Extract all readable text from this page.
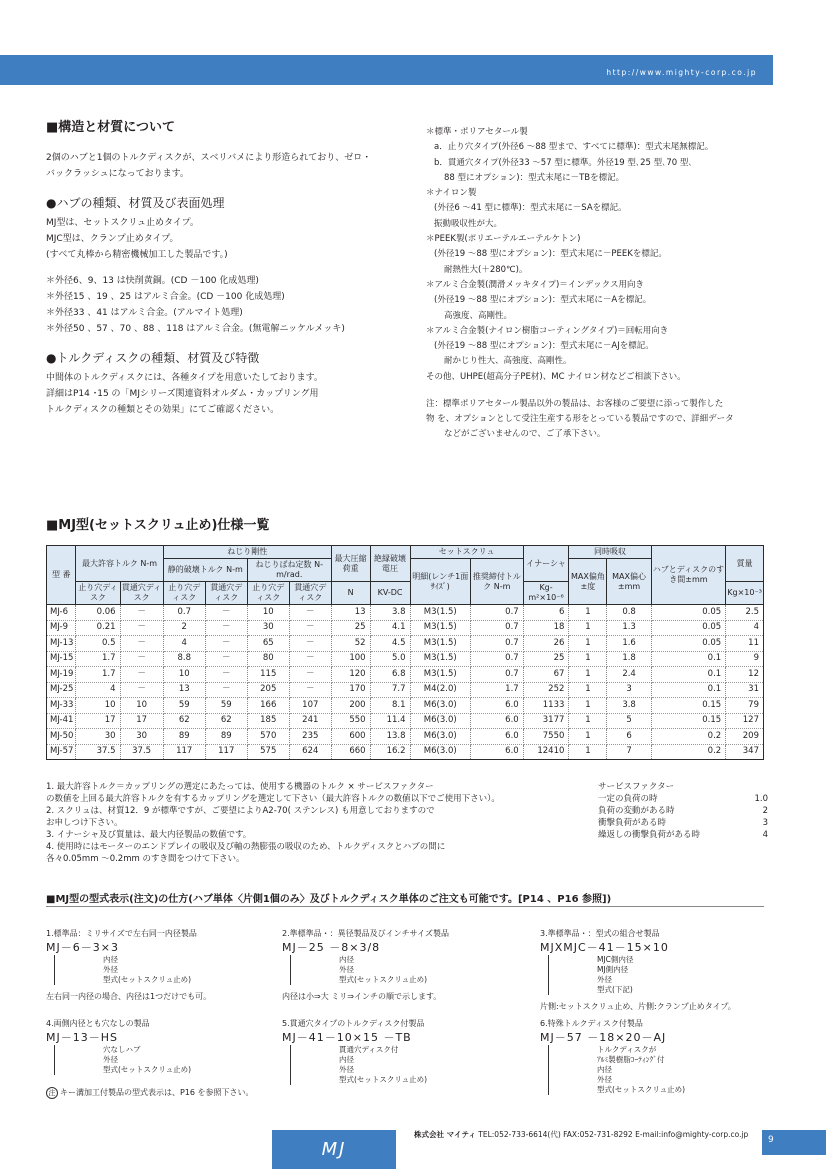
http://www.mighty-corp.co.jp
■構造と材質について
2個のハブと1個のトルクディスクが、スベリバメにより形造られており、ゼロ・
バックラッシュになっております。
●ハブの種類、材質及び表面処理
MJ型は、セットスクリュ止めタイプ。
MJC型は、クランプ止めタイプ。
(すべて丸棒から精密機械加工した製品です。)
＊外径6、9、13 は快削黄銅。(CD －100 化成処理)
＊外径15 、19 、25 はアルミ合金。(CD －100 化成処理)
＊外径33 、41 はアルミ合金。(アルマイト処理)
＊外径50 、57 、70 、88 、118 はアルミ合金。(無電解ニッケルメッキ)
●トルクディスクの種類、材質及び特徴
中間体のトルクディスクには、各種タイプを用意いたしております。
詳細はP14 ･15 の「MJシリーズ関連資料オルダム・カップリング用
トルクディスクの種類とその効果」にてご確認ください。
＊標準・ポリアセタール製
a．止り穴タイプ(外径6 ～88 型まで、すべてに標準)：型式末尾無標記。
b．貫通穴タイプ(外径33 ～57 型に標準。外径19 型､25 型､70 型､
88 型にオプション)：型式末尾に－TBを標記。
＊ナイロン製
(外径6 ～41 型に標準)：型式末尾に－SAを標記。
振動吸収性が大。
＊PEEK製(ポリエーテルエーテルケトン)
(外径19 ～88 型にオプション)：型式末尾に－PEEKを標記。
耐熱性大(＋280℃)。
＊アルミ合金製(潤滑メッキタイプ)＝インデックス用向き
(外径19 ～88 型にオプション)：型式末尾に－Aを標記。
高強度、高剛性。
＊アルミ合金製(ナイロン樹脂コーティングタイプ)＝回転用向き
(外径19 ～88 型にオプション)：型式末尾に－AJを標記。
耐かじり性大、高強度、高剛性。
その他、UHPE(超高分子PE材)、MC ナイロン材などご相談下さい。
注：標準ポリアセタール製品以外の製品は、お客様のご要望に添って製作した
物 を、オプションとして受注生産する形をとっている製品ですので、詳細データ
などがございませんので、ご了承下さい。
■MJ型(セットスクリュ止め)仕様一覧
型 番	最大許容トルク N-m		ねじり剛性				最大圧縮荷重	絶縁破壊電圧	セットスクリュ		イナーシャ	同時吸収		ハブとディスクのすき間±mm	質量
			静的破壊トルク N-m		ねじりばね定数 N-m/rad.				明細(レンチ1面ｻｲｽﾞ)	推奨締付トルク N-m		MAX偏角±度	MAX偏心±mm		
	止り穴ディスク	貫通穴ディスク	止り穴ディスク	貫通穴ディスク	止り穴ディスク	貫通穴ディスク	N	KV-DC			Kg-m²×10⁻⁶				Kg×10⁻³
MJ-6	0.06	－	0.7	－	10	－	13	3.8	M3(1.5)	0.7	6	1	0.8	0.05	2.5
MJ-9	0.21	－	2	－	30	－	25	4.1	M3(1.5)	0.7	18	1	1.3	0.05	4
MJ-13	0.5	－	4	－	65	－	52	4.5	M3(1.5)	0.7	26	1	1.6	0.05	11
MJ-15	1.7	－	8.8	－	80	－	100	5.0	M3(1.5)	0.7	25	1	1.8	0.1	9
MJ-19	1.7	－	10	－	115	－	120	6.8	M3(1.5)	0.7	67	1	2.4	0.1	12
MJ-25	4	－	13	－	205	－	170	7.7	M4(2.0)	1.7	252	1	3	0.1	31
MJ-33	10	10	59	59	166	107	200	8.1	M6(3.0)	6.0	1133	1	3.8	0.15	79
MJ-41	17	17	62	62	185	241	550	11.4	M6(3.0)	6.0	3177	1	5	0.15	127
MJ-50	30	30	89	89	570	235	600	13.8	M6(3.0)	6.0	7550	1	6	0.2	209
MJ-57	37.5	37.5	117	117	575	624	660	16.2	M6(3.0)	6.0	12410	1	7	0.2	347
1. 最大許容トルク＝カップリングの選定にあたっては、使用する機器のトルク × サービスファクター
の数値を上回る最大許容トルクを有するカップリングを選定して下さい（最大許容トルクの数値以下でご使用下さい）。
2. スクリュは、材質12．9 が標準ですが、ご要望によりA2-70( ステンレス) も用意しておりますので
お申しつけ下さい。
3. イナーシャ及び質量は、最大内径製品の数値です。
4. 使用時にはモーターのエンドプレイの吸収及び軸の熱膨張の吸収のため、トルクディスクとハブの間に
各々0.05mm ～0.2mm のすき間をつけて下さい。
サービスファクター
一定の負荷の時	1.0
負荷の変動がある時	2
衝撃負荷がある時	3
繰返しの衝撃負荷がある時	4
■MJ型の型式表示(注文)の仕方(ハブ単体〈片側1個のみ〉及びトルクディスク単体のご注文も可能です。[P14 、P16 参照])
1.標準品：ミリサイズで左右同一内径製品
MJ－6－3×3
内径
外径
型式(セットスクリュ止め)
左右同一内径の場合、内径は1つだけでも可。
2.準標準品・：異径製品及びインチサイズ製品
MJ－25 －8×3/8
内径
外径
型式(セットスクリュ止め)
内径は小⇒大 ミリ⇒インチの順で示します。
3.準標準品・：型式の組合せ製品
MJXMJC－41－15×10
MJC側内径
MJ側内径
外径
型式(下記)
片側:セットスクリュ止め、片側:クランプ止めタイプ。
4.両側内径とも穴なしの製品
MJ－13－HS
穴なしハブ
外径
型式(セットスクリュ止め)
5.貫通穴タイプのトルクディスク付製品
MJ－41－10×15 －TB
貫通穴ディスク付
内径
外径
型式(セットスクリュ止め)
6.特殊トルクディスク付製品
MJ－57 －18×20－AJ
トルクディスクが
ｱﾙﾐ製樹脂ｺｰﾃｨﾝｸﾞ付
内径
外径
型式(セットスクリュ止め)
注 キー溝加工付製品の型式表示は、P16 を参照下さい。
MJ
株式会社 マイティ TEL:052-733-6614(代) FAX:052-731-8292 E-mail:info@mighty-corp.co.jp
9
